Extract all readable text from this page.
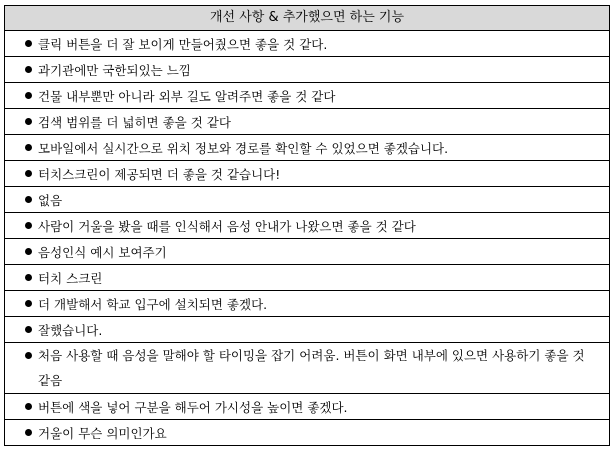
개선 사항 & 추가했으면 하는 기능
클릭 버튼을 더 잘 보이게 만들어줬으면 좋을 것 같다.
과기관에만 국한되있는 느낌
건물 내부뿐만 아니라 외부 길도 알려주면 좋을 것 같다
검색 범위를 더 넓히면 좋을 것 같다
모바일에서 실시간으로 위치 정보와 경로를 확인할 수 있었으면 좋겠습니다.
터치스크린이 제공되면 더 좋을 것 같습니다!
없음
사람이 거울을 봤을 때를 인식해서 음성 안내가 나왔으면 좋을 것 같다
음성인식 예시 보여주기
터치 스크린
더 개발해서 학교 입구에 설치되면 좋겠다.
잘했습니다.
처음 사용할 때 음성을 말해야 할 타이밍을 잡기 어려움. 버튼이 화면 내부에 있으면 사용하기 좋을 것 같음
버튼에 색을 넣어 구분을 해두어 가시성을 높이면 좋겠다.
거울이 무슨 의미인가요
